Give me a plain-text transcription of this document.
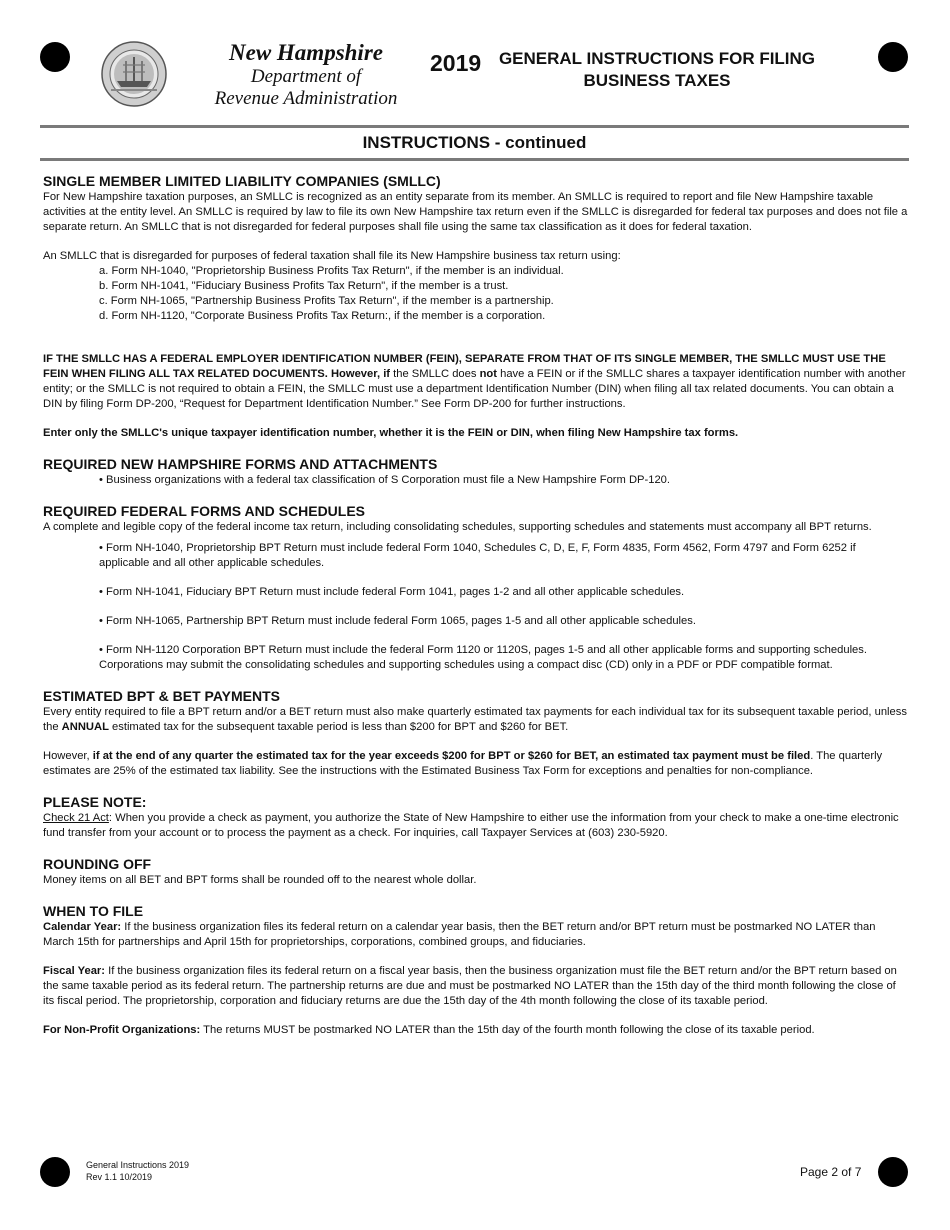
New Hampshire
Department of
Revenue Administration
2019	GENERAL INSTRUCTIONS FOR FILING
BUSINESS TAXES
INSTRUCTIONS - continued
SINGLE MEMBER LIMITED LIABILITY COMPANIES (SMLLC)

For New Hampshire taxation purposes, an SMLLC is recognized as an entity separate from its member. An SMLLC is required to report and file New Hampshire taxable activities at the entity level. An SMLLC is required by law to file its own New Hampshire tax return even if the SMLLC is disregarded for federal tax purposes and does not file a separate return. An SMLLC that is not disregarded for federal purposes shall file using the same tax classification as it does for federal taxation.

An SMLLC that is disregarded for purposes of federal taxation shall file its New Hampshire business tax return using:

a. Form NH-1040, "Proprietorship Business Profits Tax Return", if the member is an individual.

b. Form NH-1041, "Fiduciary Business Profits Tax Return", if the member is a trust.

c. Form NH-1065, "Partnership Business Profits Tax Return", if the member is a partnership.

d. Form NH-1120, "Corporate Business Profits Tax Return:, if the member is a corporation.

IF THE SMLLC HAS A FEDERAL EMPLOYER IDENTIFICATION NUMBER (FEIN), SEPARATE FROM THAT OF ITS SINGLE MEMBER, THE SMLLC MUST USE THE FEIN WHEN FILING ALL TAX RELATED DOCUMENTS. However, if the SMLLC does not have a FEIN or if the SMLLC shares a taxpayer identification number with another entity; or the SMLLC is not required to obtain a FEIN, the SMLLC must use a department Identification Number (DIN) when filing all tax related documents. You can obtain a DIN by filing Form DP-200, “Request for Department Identification Number.” See Form DP-200 for further instructions.

Enter only the SMLLC's unique taxpayer identification number, whether it is the FEIN or DIN, when filing New Hampshire tax forms.

REQUIRED NEW HAMPSHIRE FORMS AND ATTACHMENTS

• Business organizations with a federal tax classification of S Corporation must file a New Hampshire Form DP-120.

REQUIRED FEDERAL FORMS AND SCHEDULES

A complete and legible copy of the federal income tax return, including consolidating schedules, supporting schedules and statements must accompany all BPT returns.

• Form NH-1040, Proprietorship BPT Return must include federal Form 1040, Schedules C, D, E, F, Form 4835, Form 4562, Form 4797 and Form 6252 if applicable and all other applicable schedules.

• Form NH-1041, Fiduciary BPT Return must include federal Form 1041, pages 1-2 and all other applicable schedules.

• Form NH-1065, Partnership BPT Return must include federal Form 1065, pages 1-5 and all other applicable schedules.

• Form NH-1120 Corporation BPT Return must include the federal Form 1120 or 1120S, pages 1-5 and all other applicable forms and supporting schedules. Corporations may submit the consolidating schedules and supporting schedules using a compact disc (CD) only in a PDF or PDF compatible format.

ESTIMATED BPT & BET PAYMENTS

Every entity required to file a BPT return and/or a BET return must also make quarterly estimated tax payments for each individual tax for its subsequent taxable period, unless the ANNUAL estimated tax for the subsequent taxable period is less than $200 for BPT and $260 for BET.

However, if at the end of any quarter the estimated tax for the year exceeds $200 for BPT or $260 for BET, an estimated tax payment must be filed. The quarterly estimates are 25% of the estimated tax liability. See the instructions with the Estimated Business Tax Form for exceptions and penalties for non-compliance.

PLEASE NOTE:

Check 21 Act: When you provide a check as payment, you authorize the State of New Hampshire to either use the information from your check to make a one-time electronic fund transfer from your account or to process the payment as a check. For inquiries, call Taxpayer Services at (603) 230-5920.

ROUNDING OFF

Money items on all BET and BPT forms shall be rounded off to the nearest whole dollar.

WHEN TO FILE

Calendar Year: If the business organization files its federal return on a calendar year basis, then the BET return and/or BPT return must be postmarked NO LATER than March 15th for partnerships and April 15th for proprietorships, corporations, combined groups, and fiduciaries.

Fiscal Year: If the business organization files its federal return on a fiscal year basis, then the business organization must file the BET return and/or the BPT return based on the same taxable period as its federal return. The partnership returns are due and must be postmarked NO LATER than the 15th day of the third month following the close of its fiscal period. The proprietorship, corporation and fiduciary returns are due the 15th day of the 4th month following the close of its taxable period.

For Non-Profit Organizations: The returns MUST be postmarked NO LATER than the 15th day of the fourth month following the close of its taxable period.

General Instructions 2019
Rev 1.1 10/2019	Page 2 of 7
